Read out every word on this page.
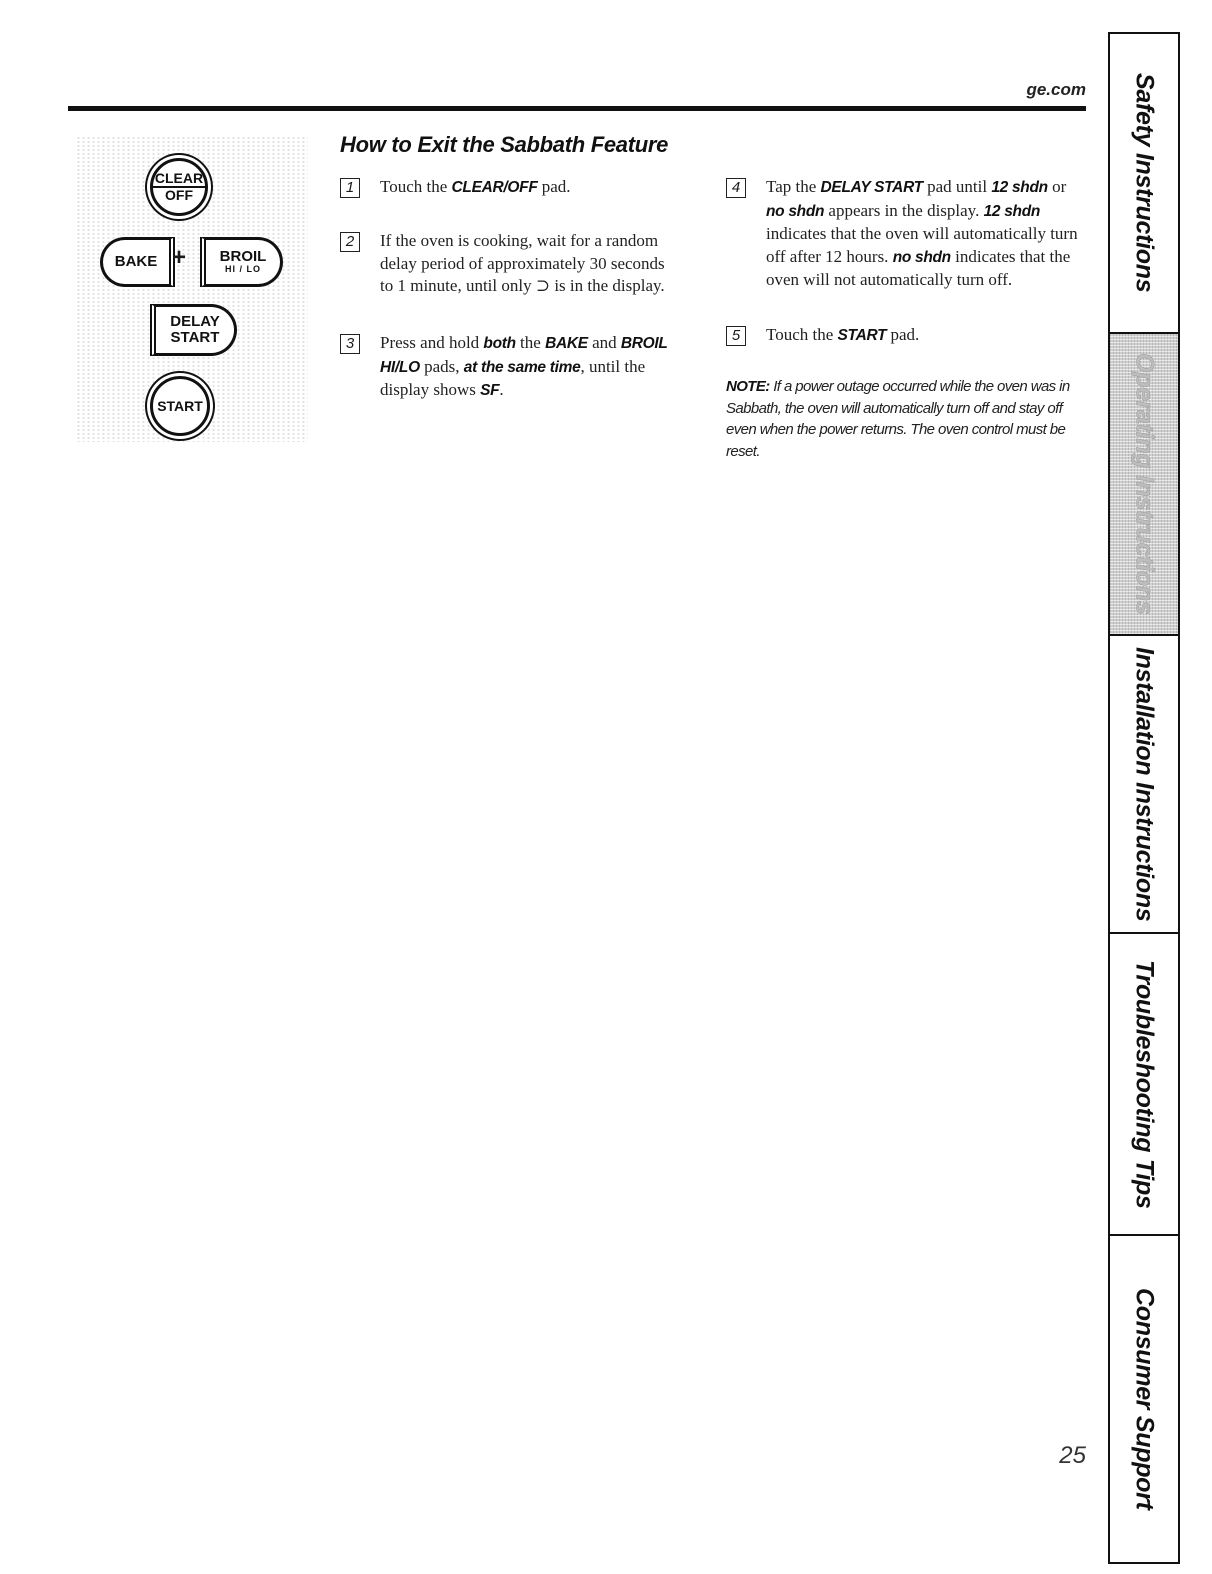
ge.com
CLEAR
OFF
BAKE + BROIL
HI / LO
DELAY
START
START
How to Exit the Sabbath Feature
1	Touch the CLEAR/OFF pad.
2	If the oven is cooking, wait for a random delay period of approximately 30 seconds to 1 minute, until only ⊃ is in the display.
3	Press and hold both the BAKE and BROIL HI/LO pads, at the same time, until the display shows SF.
4	Tap the DELAY START pad until 12 shdn or no shdn appears in the display. 12 shdn indicates that the oven will automatically turn off after 12 hours. no shdn indicates that the oven will not automatically turn off.
5	Touch the START pad.
NOTE: If a power outage occurred while the oven was in Sabbath, the oven will automatically turn off and stay off even when the power returns. The oven control must be reset.
25
Safety Instructions
Operating Instructions
Installation Instructions
Troubleshooting Tips
Consumer Support
